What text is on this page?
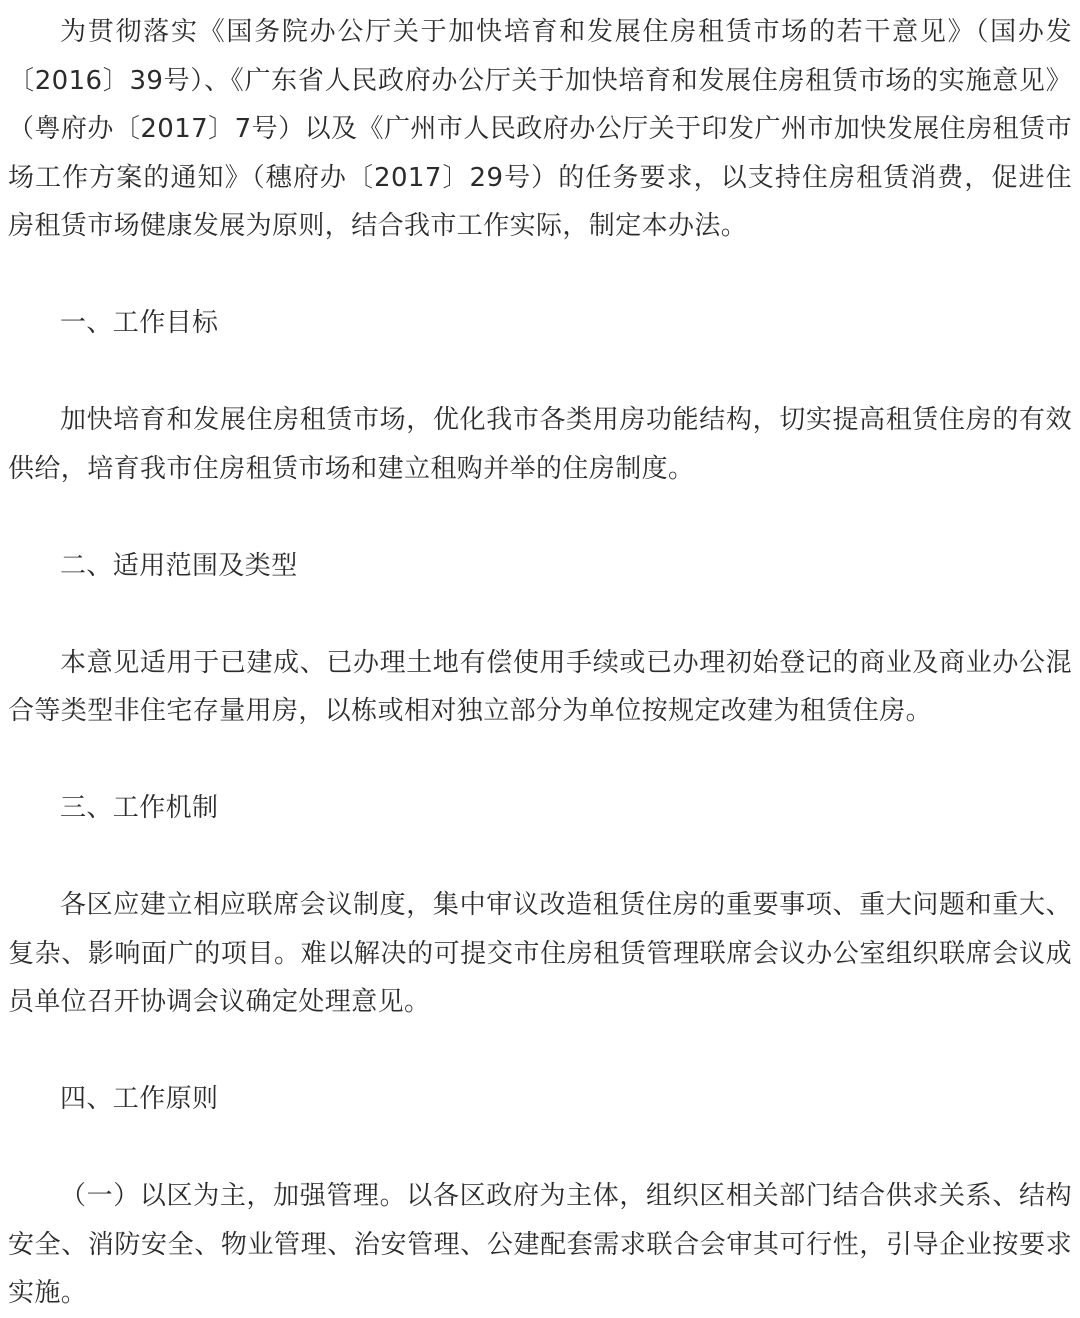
为贯彻落实《国务院办公厅关于加快培育和发展住房租赁市场的若干意见》（国办发〔2016〕39号）、《广东省人民政府办公厅关于加快培育和发展住房租赁市场的实施意见》（粤府办〔2017〕7号）以及《广州市人民政府办公厅关于印发广州市加快发展住房租赁市场工作方案的通知》（穗府办〔2017〕29号）的任务要求，以支持住房租赁消费，促进住房租赁市场健康发展为原则，结合我市工作实际，制定本办法。

一、工作目标

加快培育和发展住房租赁市场，优化我市各类用房功能结构，切实提高租赁住房的有效供给，培育我市住房租赁市场和建立租购并举的住房制度。

二、适用范围及类型

本意见适用于已建成、已办理土地有偿使用手续或已办理初始登记的商业及商业办公混合等类型非住宅存量用房，以栋或相对独立部分为单位按规定改建为租赁住房。

三、工作机制

各区应建立相应联席会议制度，集中审议改造租赁住房的重要事项、重大问题和重大、复杂、影响面广的项目。难以解决的可提交市住房租赁管理联席会议办公室组织联席会议成员单位召开协调会议确定处理意见。

四、工作原则

（一）以区为主，加强管理。以各区政府为主体，组织区相关部门结合供求关系、结构安全、消防安全、物业管理、治安管理、公建配套需求联合会审其可行性，引导企业按要求实施。
